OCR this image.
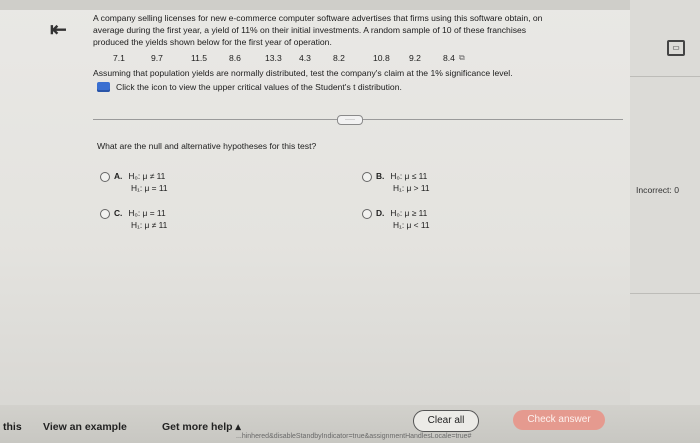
⇤
A company selling licenses for new e-commerce computer software advertises that firms using this software obtain, on
average during the first year, a yield of 11% on their initial investments. A random sample of 10 of these franchises
produced the yields shown below for the first year of operation.
7.1	9.7	11.5	8.6	13.3	4.3	8.2	10.8	9.2	8.4 ⧉
Assuming that population yields are normally distributed, test the company's claim at the 1% significance level.
Click the icon to view the upper critical values of the Student's t distribution.
·····
What are the null and alternative hypotheses for this test?
A. H₀: μ ≠ 11
H₁: μ = 11
B. H₀: μ ≤ 11
H₁: μ > 11
C. H₀: μ = 11
H₁: μ ≠ 11
D. H₀: μ ≥ 11
H₁: μ < 11
▭
Incorrect: 0
this View an example	Get more help ▴
Clear all	Check answer
...hinhered&disableStandbyIndicator=true&assignmentHandlesLocale=true#
